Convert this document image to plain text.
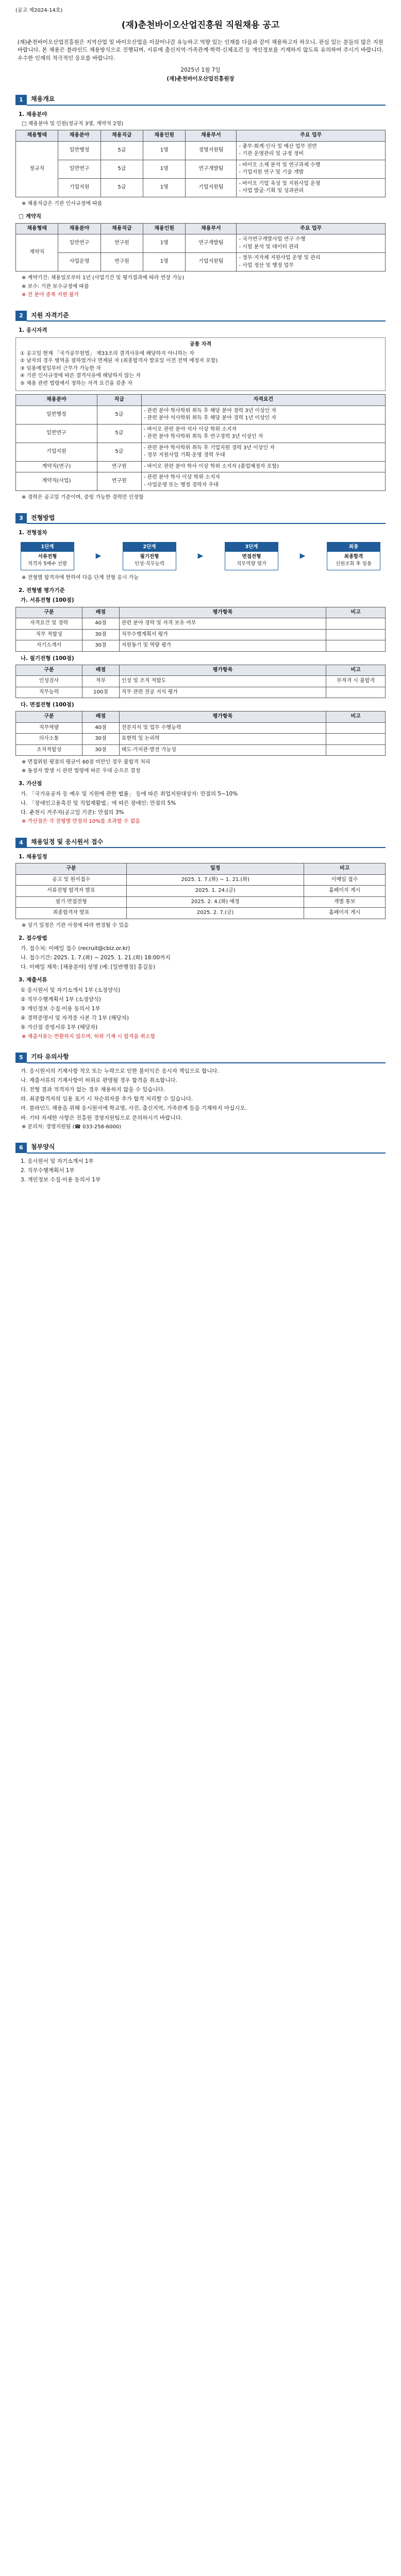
(공고 제2024-14호)
(재)춘천바이오산업진흥원 직원채용 공고
(재)춘천바이오산업진흥원은 지역산업 및 바이오산업을 이끌어나갈 유능하고 역량 있는 인재를 다음과 같이 채용하고자 하오니, 관심 있는 분들의 많은 지원 바랍니다. 본 채용은 블라인드 채용방식으로 진행되며, 서류에 출신지역·가족관계·학력·신체조건 등 개인정보를 기재하지 않도록 유의하여 주시기 바랍니다. 우수한 인재의 적극적인 응모를 바랍니다.
2025년 1월 7일
(재)춘천바이오산업진흥원장
1	채용개요
1. 채용분야
□ 채용분야 및 인원(정규직 3명, 계약직 2명)
채용형태	채용분야	채용직급	채용인원	채용부서	주요 업무
정규직	일반행정	5급	1명	경영지원팀	- 총무·회계·인사 및 예산 업무 전반
- 기관 운영관리 및 규정 정비
	일반연구	5급	1명	연구개발팀	- 바이오 소재 분석 및 연구과제 수행
- 기업지원 연구 및 기술 개발
	기업지원	5급	1명	기업지원팀	- 바이오 기업 육성 및 지원사업 운영
- 사업 발굴·기획 및 성과관리
※ 채용직급은 기관 인사규정에 따름
□ 계약직
채용형태	채용분야	채용직급	채용인원	채용부서	주요 업무
계약직	일반연구	연구원	1명	연구개발팀	- 국가연구개발사업 연구 수행
- 시험 분석 및 데이터 관리
	사업운영	연구원	1명	기업지원팀	- 정부·지자체 지원사업 운영 및 관리
- 사업 정산 및 행정 업무
※ 계약기간: 채용일로부터 1년 (사업기간 및 평가결과에 따라 연장 가능)
※ 보수: 기관 보수규정에 따름
※ 전 분야 중복 지원 불가
2	지원 자격기준
1. 응시자격
공통 자격
① 공고일 현재 「국가공무원법」 제33조의 결격사유에 해당하지 아니하는 자
② 남자의 경우 병역을 필하였거나 면제된 자 (최종합격자 발표일 이전 전역 예정자 포함)
③ 임용예정일부터 근무가 가능한 자
④ 기관 인사규정에 따른 결격사유에 해당하지 않는 자
⑤ 채용 관련 법령에서 정하는 자격 요건을 갖춘 자
채용분야	직급	자격요건
일반행정	5급	- 관련 분야 학사학위 취득 후 해당 분야 경력 3년 이상인 자
- 관련 분야 석사학위 취득 후 해당 분야 경력 1년 이상인 자
일반연구	5급	- 바이오 관련 분야 석사 이상 학위 소지자
- 관련 분야 학사학위 취득 후 연구경력 3년 이상인 자
기업지원	5급	- 관련 분야 학사학위 취득 후 기업지원 경력 3년 이상인 자
- 정부 지원사업 기획·운영 경력 우대
계약직(연구)	연구원	- 바이오 관련 분야 학사 이상 학위 소지자 (졸업예정자 포함)
계약직(사업)	연구원	- 관련 분야 학사 이상 학위 소지자
- 사업운영 또는 행정 경력자 우대
※ 경력은 공고일 기준이며, 증빙 가능한 경력만 인정함
3	전형방법
1. 전형절차
1단계
서류전형
적격자 5배수 선발
▶
2단계
필기전형
인성·직무능력
▶
3단계
면접전형
직무역량 평가
▶
최종
최종합격
신원조회 후 임용
※ 전형별 합격자에 한하여 다음 단계 전형 응시 가능
2. 전형별 평가기준
가. 서류전형 (100점)
구분	배점	평가항목	비고
자격요건 및 경력	40점	관련 분야 경력 및 자격 보유 여부	
직무 적합성	30점	직무수행계획서 평가	
자기소개서	30점	지원동기 및 역량 평가	
나. 필기전형 (100점)
구분	배점	평가항목	비고
인성검사	적부	인성 및 조직 적합도	부적격 시 불합격
직무능력	100점	직무 관련 전공 지식 평가	
다. 면접전형 (100점)
구분	배점	평가항목	비고
직무역량	40점	전문지식 및 업무 수행능력	
의사소통	30점	표현력 및 논리력	
조직적합성	30점	태도·가치관·발전 가능성	
※ 면접위원 평점의 평균이 60점 미만인 경우 불합격 처리
※ 동점자 발생 시 관련 법령에 따른 우대 순으로 결정
3. 가산점
가. 「국가유공자 등 예우 및 지원에 관한 법률」 등에 따른 취업지원대상자: 만점의 5~10%
나. 「장애인고용촉진 및 직업재활법」에 따른 장애인: 만점의 5%
다. 춘천시 거주자(공고일 기준): 만점의 3%
※ 가산점은 각 전형별 만점의 10%를 초과할 수 없음
4	채용일정 및 응시원서 접수
1. 채용일정
구분	일정	비고
공고 및 원서접수	2025. 1. 7.(화) ~ 1. 21.(화)	이메일 접수
서류전형 합격자 발표	2025. 1. 24.(금)	홈페이지 게시
필기·면접전형	2025. 2. 4.(화) 예정	개별 통보
최종합격자 발표	2025. 2. 7.(금)	홈페이지 게시
※ 상기 일정은 기관 사정에 따라 변경될 수 있음
2. 접수방법
가. 접수처: 이메일 접수 (recruit@cbiz.or.kr)
나. 접수기간: 2025. 1. 7.(화) ~ 2025. 1. 21.(화) 18:00까지
다. 이메일 제목: [채용분야] 성명 (예: [일반행정] 홍길동)
3. 제출서류
① 응시원서 및 자기소개서 1부 (소정양식)
② 직무수행계획서 1부 (소정양식)
③ 개인정보 수집·이용 동의서 1부
④ 경력증명서 및 자격증 사본 각 1부 (해당자)
⑤ 가산점 증빙서류 1부 (해당자)
※ 제출서류는 반환하지 않으며, 허위 기재 시 합격을 취소함
5	기타 유의사항
가. 응시원서의 기재사항 착오 또는 누락으로 인한 불이익은 응시자 책임으로 합니다.
나. 제출서류의 기재사항이 허위로 판명될 경우 합격을 취소합니다.
다. 전형 결과 적격자가 없는 경우 채용하지 않을 수 있습니다.
라. 최종합격자의 임용 포기 시 차순위자를 추가 합격 처리할 수 있습니다.
마. 블라인드 채용을 위해 응시원서에 학교명, 사진, 출신지역, 가족관계 등을 기재하지 마십시오.
바. 기타 자세한 사항은 진흥원 경영지원팀으로 문의하시기 바랍니다.
※ 문의처: 경영지원팀 (☎ 033-258-6000)
6	첨부양식
1. 응시원서 및 자기소개서 1부
2. 직무수행계획서 1부
3. 개인정보 수집·이용 동의서 1부
